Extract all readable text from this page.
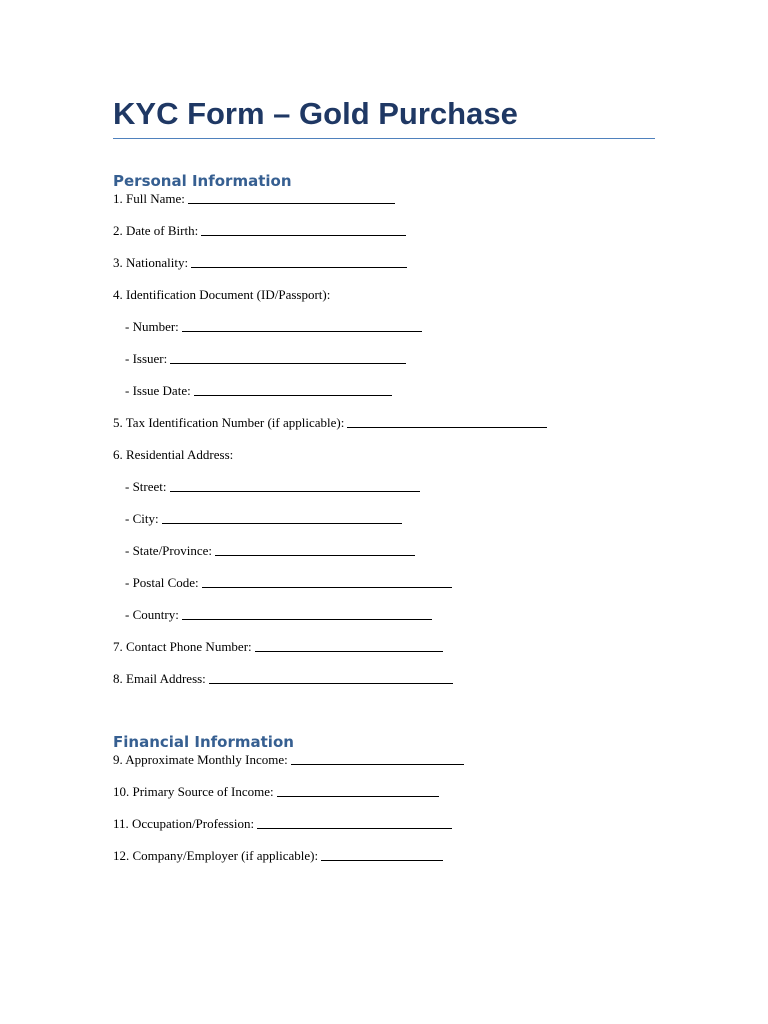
KYC Form – Gold Purchase
Personal Information
1. Full Name:
2. Date of Birth:
3. Nationality:
4. Identification Document (ID/Passport):
- Number:
- Issuer:
- Issue Date:
5. Tax Identification Number (if applicable):
6. Residential Address:
- Street:
- City:
- State/Province:
- Postal Code:
- Country:
7. Contact Phone Number:
8. Email Address:
Financial Information
9. Approximate Monthly Income:
10. Primary Source of Income:
11. Occupation/Profession:
12. Company/Employer (if applicable):
